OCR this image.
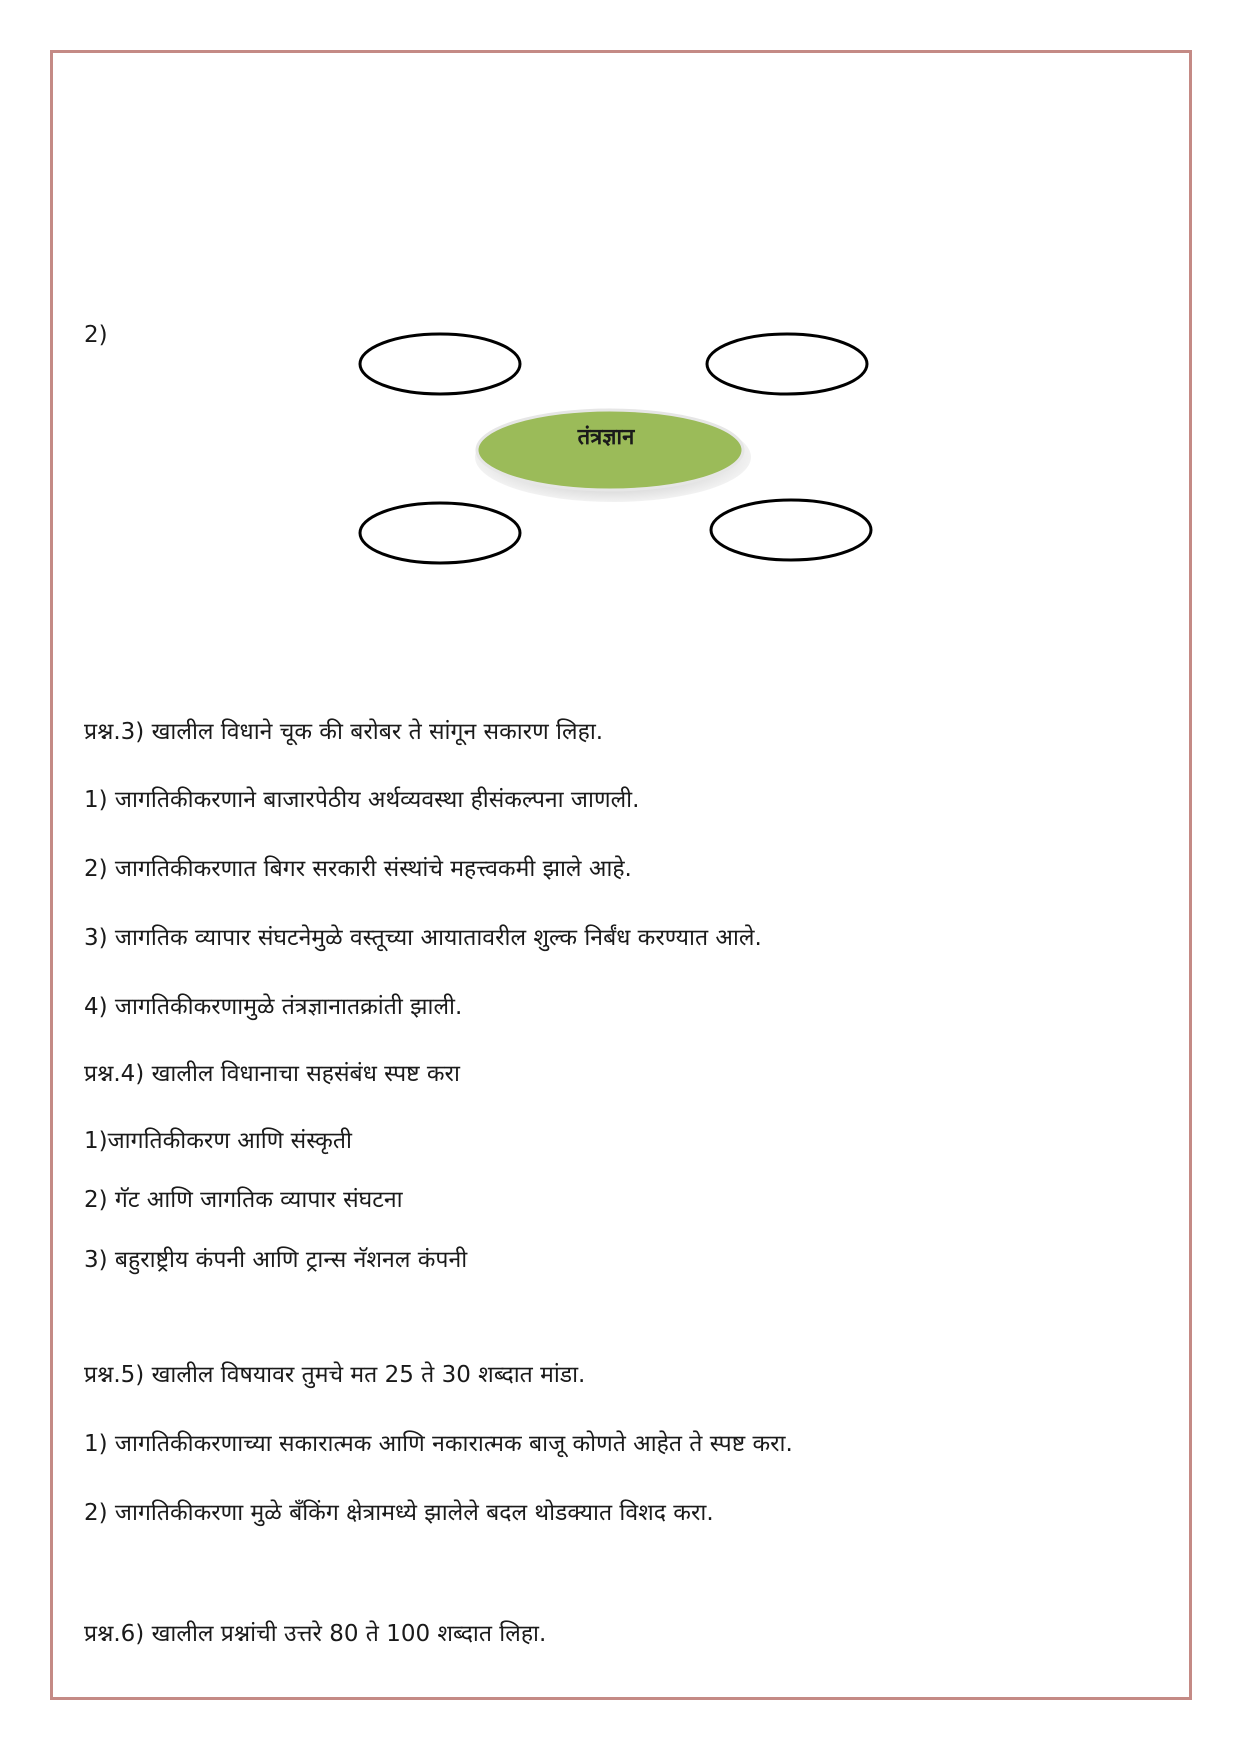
2)
तंत्रज्ञान
प्रश्न.3) खालील विधाने चूक की बरोबर ते सांगून सकारण लिहा.
1) जागतिकीकरणाने बाजारपेठीय अर्थव्यवस्था हीसंकल्पना जाणली.
2) जागतिकीकरणात बिगर सरकारी संस्थांचे महत्त्वकमी झाले आहे.
3) जागतिक व्यापार संघटनेमुळे वस्तूच्या आयातावरील शुल्क निर्बंध करण्यात आले.
4) जागतिकीकरणामुळे तंत्रज्ञानातक्रांती झाली.
प्रश्न.4) खालील विधानाचा सहसंबंध स्पष्ट करा
1)जागतिकीकरण आणि संस्कृती
2) गॅट आणि जागतिक व्यापार संघटना
3) बहुराष्ट्रीय कंपनी आणि ट्रान्स नॅशनल कंपनी
प्रश्न.5) खालील विषयावर तुमचे मत 25 ते 30 शब्दात मांडा.
1) जागतिकीकरणाच्या सकारात्मक आणि नकारात्मक बाजू कोणते आहेत ते स्पष्ट करा.
2) जागतिकीकरणा मुळे बँकिंग क्षेत्रामध्ये झालेले बदल थोडक्यात विशद करा.
प्रश्न.6) खालील प्रश्नांची उत्तरे 80 ते 100 शब्दात लिहा.
